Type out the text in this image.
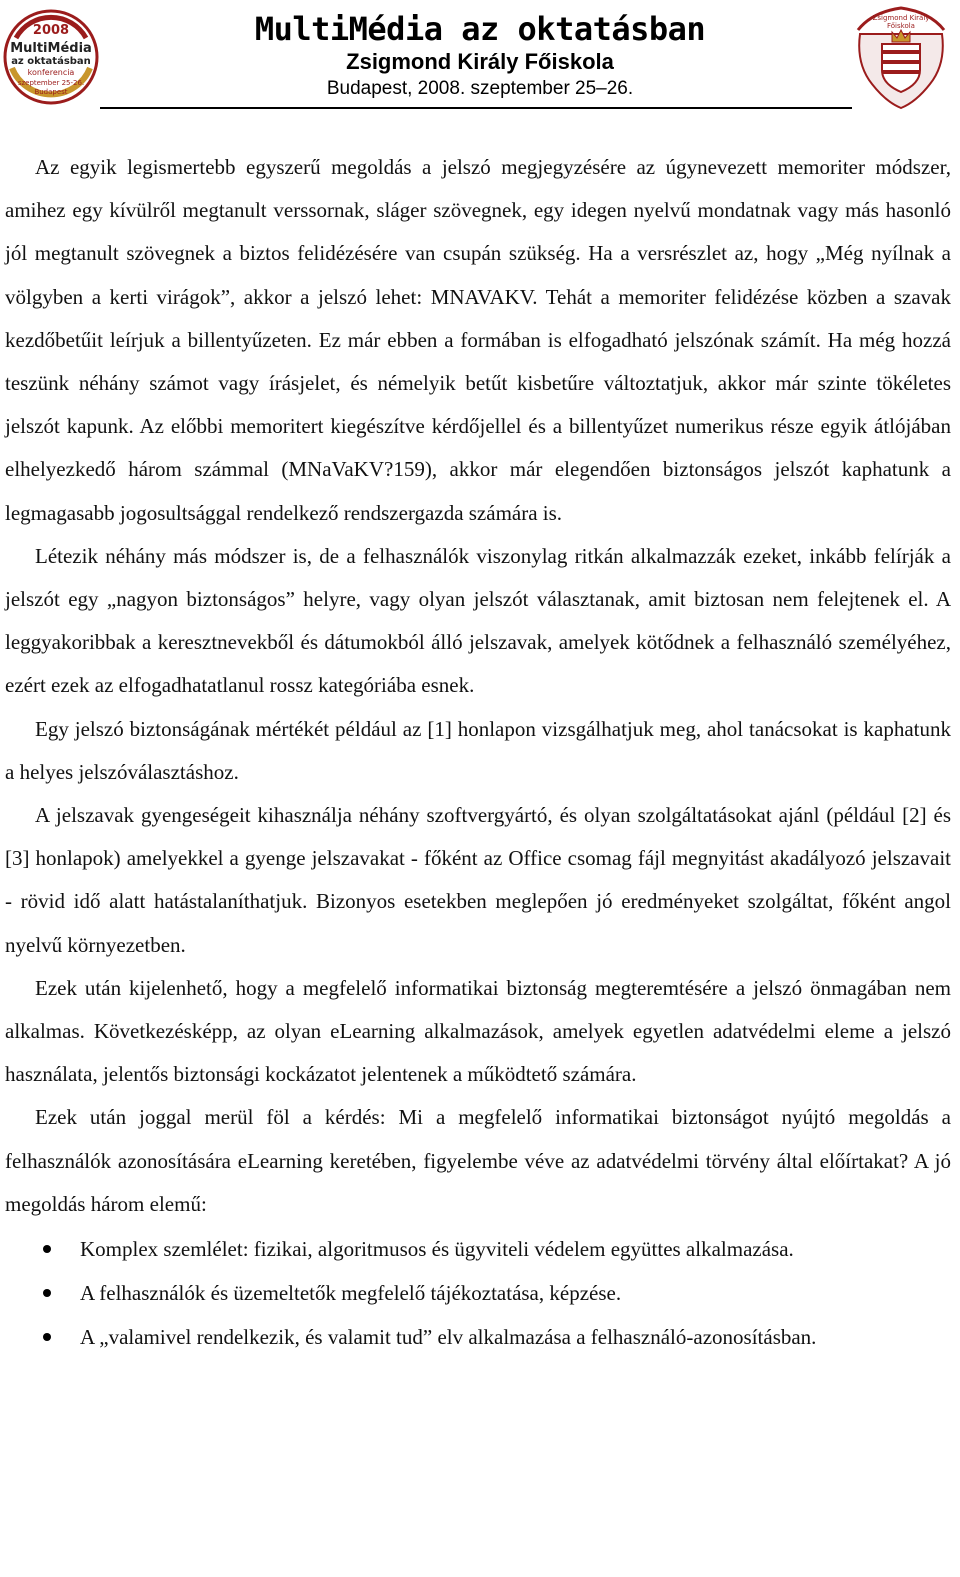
2008
MultiMédia
az oktatásban
konferencia
szeptember 25-26.
Budapest
MultiMédia az oktatásban
Zsigmond Király Főiskola
Budapest, 2008. szeptember 25–26.
Zsigmond Király
Főiskola

Az egyik legismertebb egyszerű megoldás a jelszó megjegyzésére az úgynevezett memoriter módszer, amihez egy kívülről megtanult verssornak, sláger szövegnek, egy idegen nyelvű mondatnak vagy más hasonló jól megtanult szövegnek a biztos felidézésére van csupán szükség. Ha a versrészlet az, hogy „Még nyílnak a völgyben a kerti virágok”, akkor a jelszó lehet: MNAVAKV. Tehát a memoriter felidézése közben a szavak kezdőbetűit leírjuk a billentyűzeten. Ez már ebben a formában is elfogadható jelszónak számít. Ha még hozzá teszünk néhány számot vagy írásjelet, és némelyik betűt kisbetűre változtatjuk, akkor már szinte tökéletes jelszót kapunk. Az előbbi memoritert kiegészítve kérdőjellel és a billentyűzet numerikus része egyik átlójában elhelyezkedő három számmal (MNaVaKV?159), akkor már elegendően biztonságos jelszót kaphatunk a legmagasabb jogosultsággal rendelkező rendszergazda számára is.

Létezik néhány más módszer is, de a felhasználók viszonylag ritkán alkalmazzák ezeket, inkább felírják a jelszót egy „nagyon biztonságos” helyre, vagy olyan jelszót választanak, amit biztosan nem felejtenek el. A leggyakoribbak a keresztnevekből és dátumokból álló jelszavak, amelyek kötődnek a felhasználó személyéhez, ezért ezek az elfogadhatatlanul rossz kategóriába esnek.

Egy jelszó biztonságának mértékét például az [1] honlapon vizsgálhatjuk meg, ahol tanácsokat is kaphatunk a helyes jelszóválasztáshoz.

A jelszavak gyengeségeit kihasználja néhány szoftvergyártó, és olyan szolgáltatásokat ajánl (például [2] és [3] honlapok) amelyekkel a gyenge jelszavakat - főként az Office csomag fájl megnyitást akadályozó jelszavait - rövid idő alatt hatástalaníthatjuk. Bizonyos esetekben meglepően jó eredményeket szolgáltat, főként angol nyelvű környezetben.

Ezek után kijelenhető, hogy a megfelelő informatikai biztonság megteremtésére a jelszó önmagában nem alkalmas. Következésképp, az olyan eLearning alkalmazások, amelyek egyetlen adatvédelmi eleme a jelszó használata, jelentős biztonsági kockázatot jelentenek a működtető számára.

Ezek után joggal merül föl a kérdés: Mi a megfelelő informatikai biztonságot nyújtó megoldás a felhasználók azonosítására eLearning keretében, figyelembe véve az adatvédelmi törvény által előírtakat? A jó megoldás három elemű:

Komplex szemlélet: fizikai, algoritmusos és ügyviteli védelem együttes alkalmazása.
A felhasználók és üzemeltetők megfelelő tájékoztatása, képzése.
A „valamivel rendelkezik, és valamit tud” elv alkalmazása a felhasználó-azonosításban.
